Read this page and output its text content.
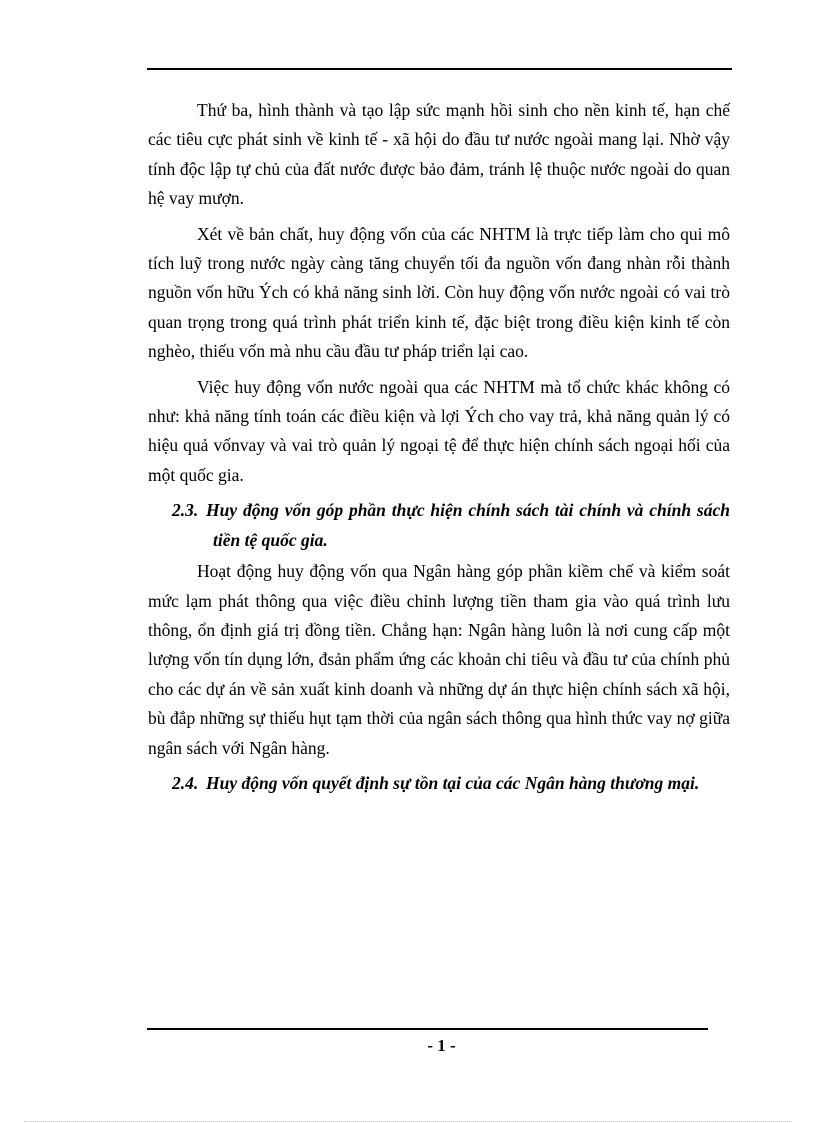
Thứ ba, hình thành và tạo lập sức mạnh hồi sinh cho nền kinh tế, hạn chế các tiêu cực phát sinh về kinh tế - xã hội do đầu tư nước ngoài mang lại. Nhờ vậy tính độc lập tự chủ của đất nước được bảo đảm, tránh lệ thuộc nước ngoài do quan hệ vay mượn.

Xét về bản chất, huy động vốn của các NHTM là trực tiếp làm cho qui mô tích luỹ trong nước ngày càng tăng chuyển tối đa nguồn vốn đang nhàn rỗi thành nguồn vốn hữu Ých có khả năng sinh lời. Còn huy động vốn nước ngoài có vai trò quan trọng trong quá trình phát triển kinh tế, đặc biệt trong điều kiện kinh tế còn nghèo, thiếu vốn mà nhu cầu đầu tư pháp triển lại cao.

Việc huy động vốn nước ngoài qua các NHTM mà tổ chức khác không có như: khả năng tính toán các điều kiện và lợi Ých cho vay trả, khả năng quản lý có hiệu quả vốnvay và vai trò quản lý ngoại tệ để thực hiện chính sách ngoại hối của một quốc gia.

2.3. Huy động vốn góp phần thực hiện chính sách tài chính và chính sách tiền tệ quốc gia.

Hoạt động huy động vốn qua Ngân hàng góp phần kiềm chế và kiểm soát mức lạm phát thông qua việc điều chỉnh lượng tiền tham gia vào quá trình lưu thông, ổn định giá trị đồng tiền. Chẳng hạn: Ngân hàng luôn là nơi cung cấp một lượng vốn tín dụng lớn, đsản phẩm ứng các khoản chi tiêu và đầu tư của chính phủ cho các dự án về sản xuất kinh doanh và những dự án thực hiện chính sách xã hội, bù đắp những sự thiếu hụt tạm thời của ngân sách thông qua hình thức vay nợ giữa ngân sách với Ngân hàng.

2.4. Huy động vốn quyết định sự tồn tại của các Ngân hàng thương mại.

- 1 -
